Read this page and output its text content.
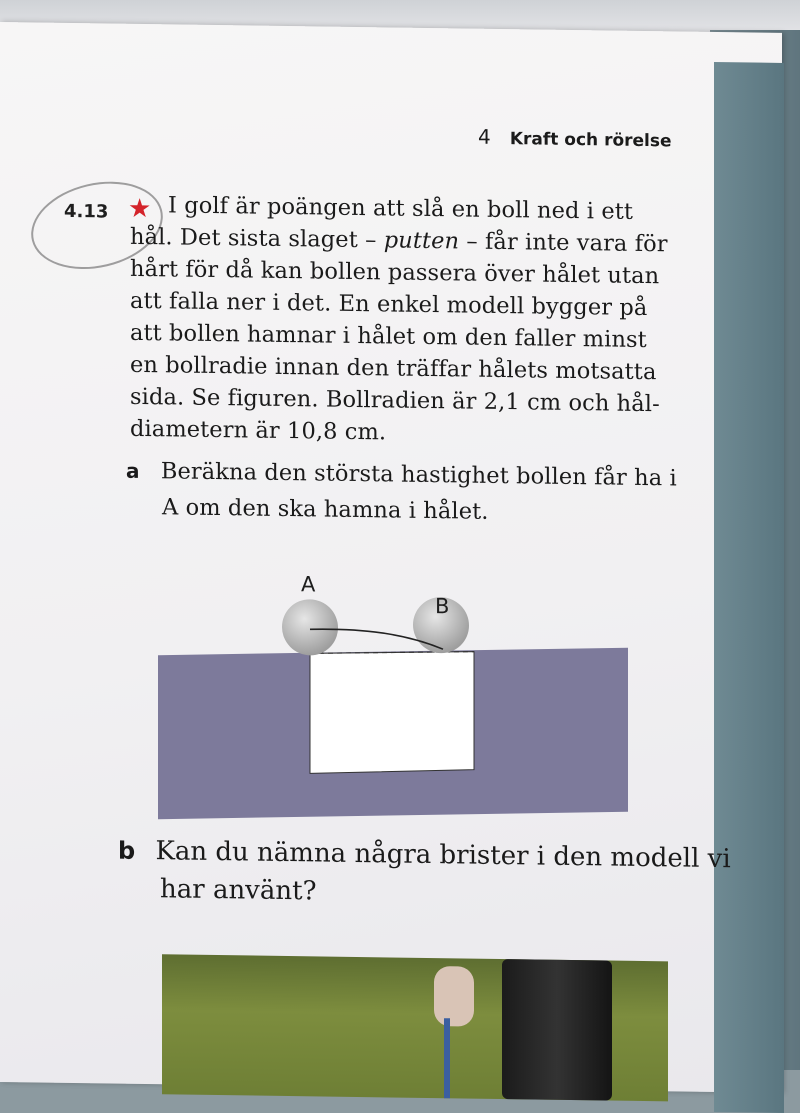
4 Kraft och rörelse
4.13 ★ I golf är poängen att slå en boll ned i ett
hål. Det sista slaget – putten – får inte vara för
hårt för då kan bollen passera över hålet utan
att falla ner i det. En enkel modell bygger på
att bollen hamnar i hålet om den faller minst
en bollradie innan den träffar hålets motsatta
sida. Se figuren. Bollradien är 2,1 cm och hål-
diametern är 10,8 cm.
a Beräkna den största hastighet bollen får ha i
A om den ska hamna i hålet.
A
B
b Kan du nämna några brister i den modell vi
har använt?
